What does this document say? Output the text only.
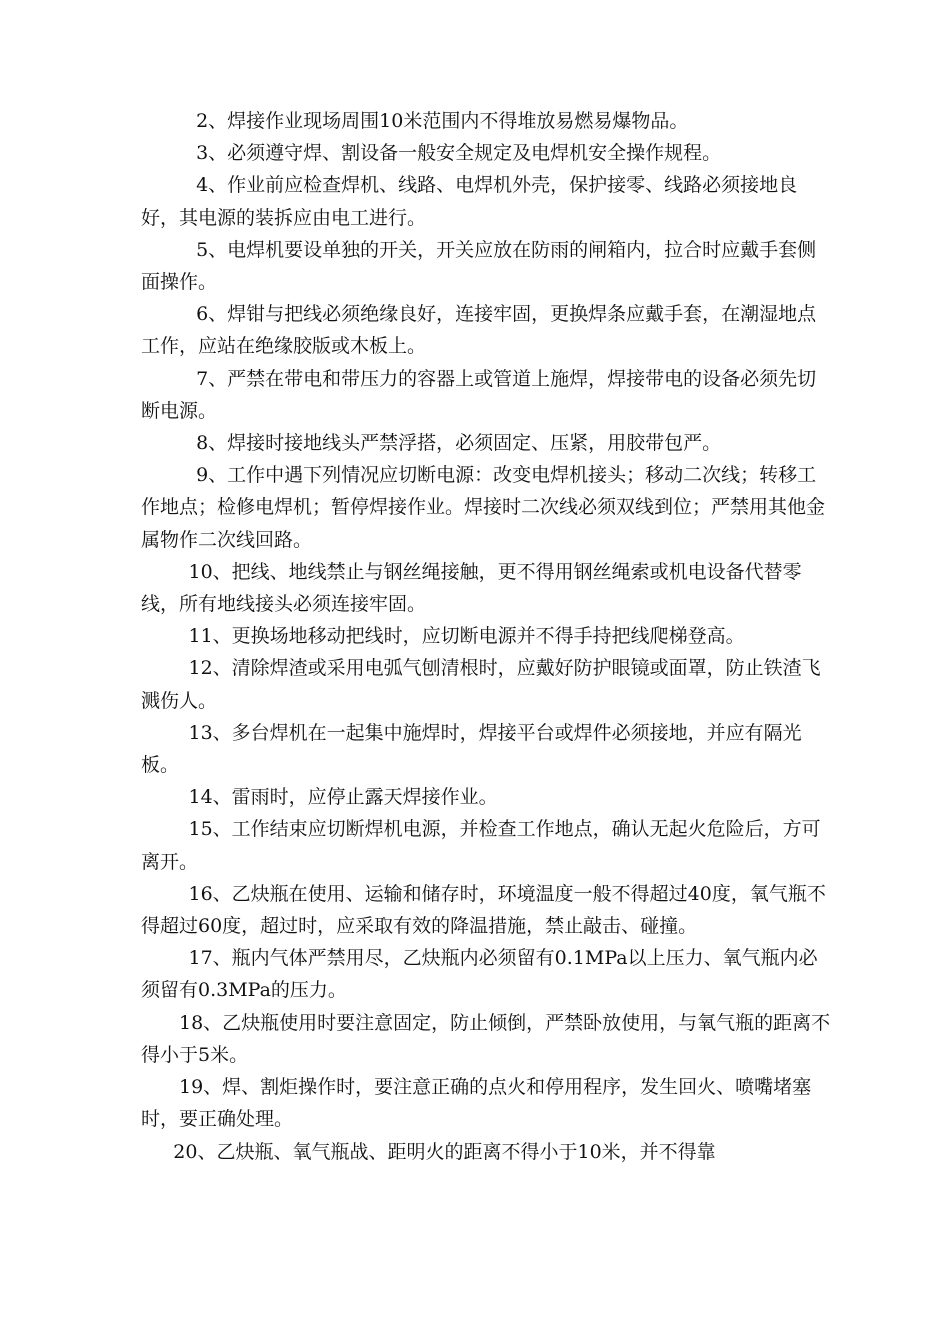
2、焊接作业现场周围10米范围内不得堆放易燃易爆物品。

3、必须遵守焊、割设备一般安全规定及电焊机安全操作规程。

4、作业前应检查焊机、线路、电焊机外壳，保护接零、线路必须接地良好，其电源的装拆应由电工进行。

5、电焊机要设单独的开关，开关应放在防雨的闸箱内，拉合时应戴手套侧面操作。

6、焊钳与把线必须绝缘良好，连接牢固，更换焊条应戴手套，在潮湿地点工作，应站在绝缘胶版或木板上。

7、严禁在带电和带压力的容器上或管道上施焊，焊接带电的设备必须先切断电源。

8、焊接时接地线头严禁浮搭，必须固定、压紧，用胶带包严。

9、工作中遇下列情况应切断电源：改变电焊机接头；移动二次线；转移工作地点；检修电焊机；暂停焊接作业。焊接时二次线必须双线到位；严禁用其他金属物作二次线回路。

10、把线、地线禁止与钢丝绳接触，更不得用钢丝绳索或机电设备代替零线，所有地线接头必须连接牢固。

11、更换场地移动把线时，应切断电源并不得手持把线爬梯登高。

12、清除焊渣或采用电弧气刨清根时，应戴好防护眼镜或面罩，防止铁渣飞溅伤人。

13、多台焊机在一起集中施焊时，焊接平台或焊件必须接地，并应有隔光板。

14、雷雨时，应停止露天焊接作业。

15、工作结束应切断焊机电源，并检查工作地点，确认无起火危险后，方可离开。

16、乙炔瓶在使用、运输和储存时，环境温度一般不得超过40度，氧气瓶不得超过60度，超过时，应采取有效的降温措施，禁止敲击、碰撞。

17、瓶内气体严禁用尽，乙炔瓶内必须留有0.1MPa以上压力、氧气瓶内必须留有0.3MPa的压力。

18、乙炔瓶使用时要注意固定，防止倾倒，严禁卧放使用，与氧气瓶的距离不得小于5米。

19、焊、割炬操作时，要注意正确的点火和停用程序，发生回火、喷嘴堵塞时，要正确处理。

20、乙炔瓶、氧气瓶战、距明火的距离不得小于10米，并不得靠
